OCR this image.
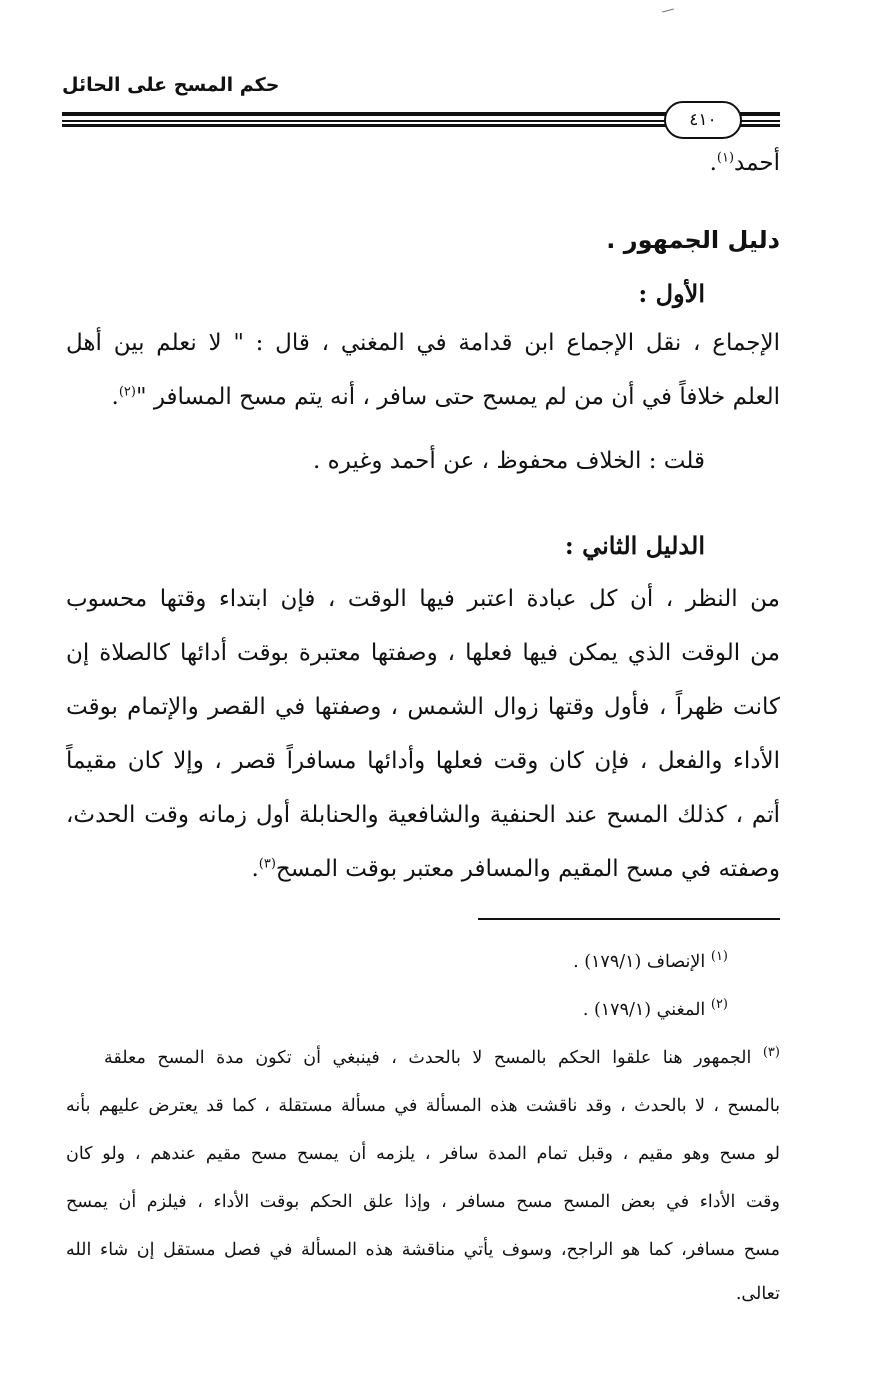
حكم المسح على الحائل
٤١٠
أحمد$^{(١)}$.
دليل الجمهور .
الأول :
الإجماع ، نقل الإجماع ابن قدامة في المغني ، قال : " لا نعلم بين أهل
العلم خلافاً في أن من لم يمسح حتى سافر ، أنه يتم مسح المسافر "$^{(٢)}$.
قلت : الخلاف محفوظ ، عن أحمد وغيره .
الدليل الثاني :
من النظر ، أن كل عبادة اعتبر فيها الوقت ، فإن ابتداء وقتها محسوب
من الوقت الذي يمكن فيها فعلها ، وصفتها معتبرة بوقت أدائها كالصلاة إن
كانت ظهراً ، فأول وقتها زوال الشمس ، وصفتها في القصر والإتمام بوقت
الأداء والفعل ، فإن كان وقت فعلها وأدائها مسافراً قصر ، وإلا كان مقيماً
أتم ، كذلك المسح عند الحنفية والشافعية والحنابلة أول زمانه وقت الحدث،
وصفته في مسح المقيم والمسافر معتبر بوقت المسح$^{(٣)}$.
$^{(١)}$ الإنصاف (١٧٩/١) .
$^{(٢)}$ المغني (١٧٩/١) .
$^{(٣)}$ الجمهور هنا علقوا الحكم بالمسح لا بالحدث ، فينبغي أن تكون مدة المسح معلقة
بالمسح ، لا بالحدث ، وقد ناقشت هذه المسألة في مسألة مستقلة ، كما قد يعترض عليهم بأنه
لو مسح وهو مقيم ، وقبل تمام المدة سافر ، يلزمه أن يمسح مسح مقيم عندهم ، ولو كان
وقت الأداء في بعض المسح مسح مسافر ، وإذا علق الحكم بوقت الأداء ، فيلزم أن يمسح
مسح مسافر، كما هو الراجح، وسوف يأتي مناقشة هذه المسألة في فصل مستقل إن شاء الله
تعالى.
